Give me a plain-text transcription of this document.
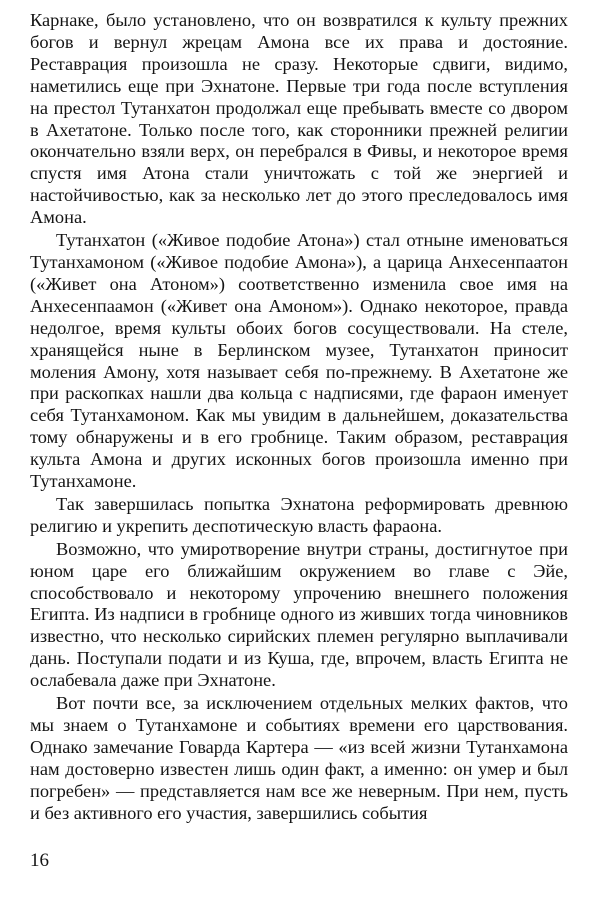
Карнаке, было установлено, что он возвратился к культу прежних богов и вернул жрецам Амона все их права и достояние. Реставрация произошла не сразу. Некоторые сдвиги, видимо, наметились еще при Эхнатоне. Первые три года после вступления на престол Тутанхатон продолжал еще пребывать вместе со двором в Ахетатоне. Только после того, как сторонники прежней религии окончательно взяли верх, он перебрался в Фивы, и некоторое время спустя имя Атона стали уничтожать с той же энергией и настойчивостью, как за несколько лет до этого преследовалось имя Амона.

Тутанхатон («Живое подобие Атона») стал отныне именоваться Тутанхамоном («Живое подобие Амона»), а царица Анхесенпаатон («Живет она Атоном») соответственно изменила свое имя на Анхесенпаамон («Живет она Амоном»). Однако некоторое, правда недолгое, время культы обоих богов сосуществовали. На стеле, хранящейся ныне в Берлинском музее, Тутанхатон приносит моления Амону, хотя называет себя по-прежнему. В Ахетатоне же при раскопках нашли два кольца с надписями, где фараон именует себя Тутанхамоном. Как мы увидим в дальнейшем, доказательства тому обнаружены и в его гробнице. Таким образом, реставрация культа Амона и других исконных богов произошла именно при Тутанхамоне.

Так завершилась попытка Эхнатона реформировать древнюю религию и укрепить деспотическую власть фараона.

Возможно, что умиротворение внутри страны, достигнутое при юном царе его ближайшим окружением во главе с Эйе, способствовало и некоторому упрочению внешнего положения Египта. Из надписи в гробнице одного из живших тогда чиновников известно, что несколько сирийских племен регулярно выплачивали дань. Поступали подати и из Куша, где, впрочем, власть Египта не ослабевала даже при Эхнатоне.

Вот почти все, за исключением отдельных мелких фактов, что мы знаем о Тутанхамоне и событиях времени его царствования. Однако замечание Говарда Картера — «из всей жизни Тутанхамона нам достоверно известен лишь один факт, а именно: он умер и был погребен» — представляется нам все же неверным. При нем, пусть и без активного его участия, завершились события

16
